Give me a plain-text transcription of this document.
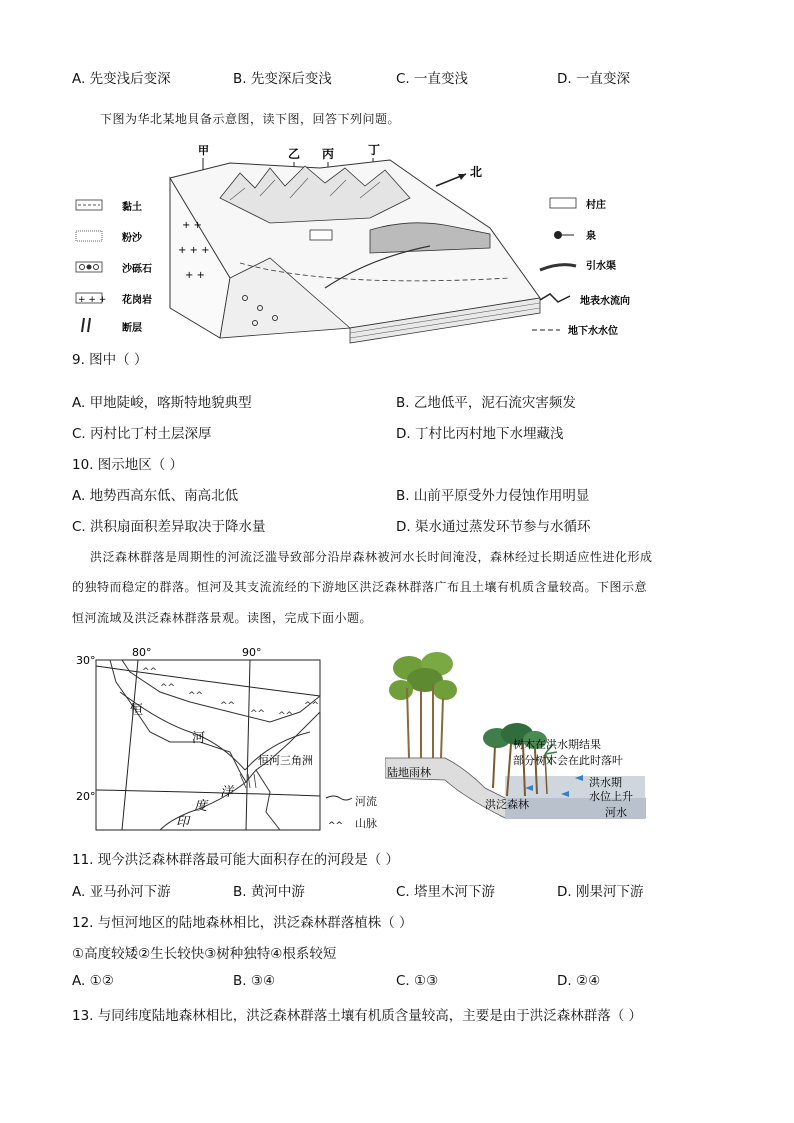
A. 先变浅后变深	B. 先变深后变浅	C. 一直变浅	D. 一直变深
下图为华北某地貝备示意图，读下图，回答下列问题。
甲	乙 丙	丁
北
+ +
+ + +
+ +
黏土
粉沙
沙砾石
+ + + 花岗岩
断层
村庄
泉
引水渠
地表水流向
地下水水位
9. 图中（ ）
A. 甲地陡峻，喀斯特地貌典型	B. 乙地低平，泥石流灾害频发
C. 丙村比丁村土层深厚	D. 丁村比丙村地下水埋藏浅
10. 图示地区（ ）
A. 地势西高东低、南高北低	B. 山前平原受外力侵蚀作用明显
C. 洪积扇面积差异取决于降水量	D. 渠水通过蒸发环节参与水循环
洪泛森林群落是周期性的河流泛滥导致部分沿岸森林被河水长时间淹没，森林经过长期适应性进化形成
的独特而稳定的群落。恒河及其支流流经的下游地区洪泛森林群落广布且土壤有机质含量较高。下图示意
恒河流域及洪泛森林群落景观。读图，完成下面小题。
30°
20°
80°	90°
^^
^^
^^
^^
^^ ^^
^^
恒
河
恒河三角洲
洋
度
印	^^
河流
山脉
陆地雨林
洪泛森林
树木在洪水期结果
部分树木会在此时落叶
洪水期
水位上升
河水
11. 现今洪泛森林群落最可能大面积存在的河段是（ ）
A. 亚马孙河下游	B. 黄河中游	C. 塔里木河下游	D. 刚果河下游
12. 与恒河地区的陆地森林相比，洪泛森林群落植株（ ）
①高度较矮②生长较快③树种独特④根系较短
A. ①②	B. ③④	C. ①③	D. ②④
13. 与同纬度陆地森林相比，洪泛森林群落土壤有机质含量较高，主要是由于洪泛森林群落（ ）
